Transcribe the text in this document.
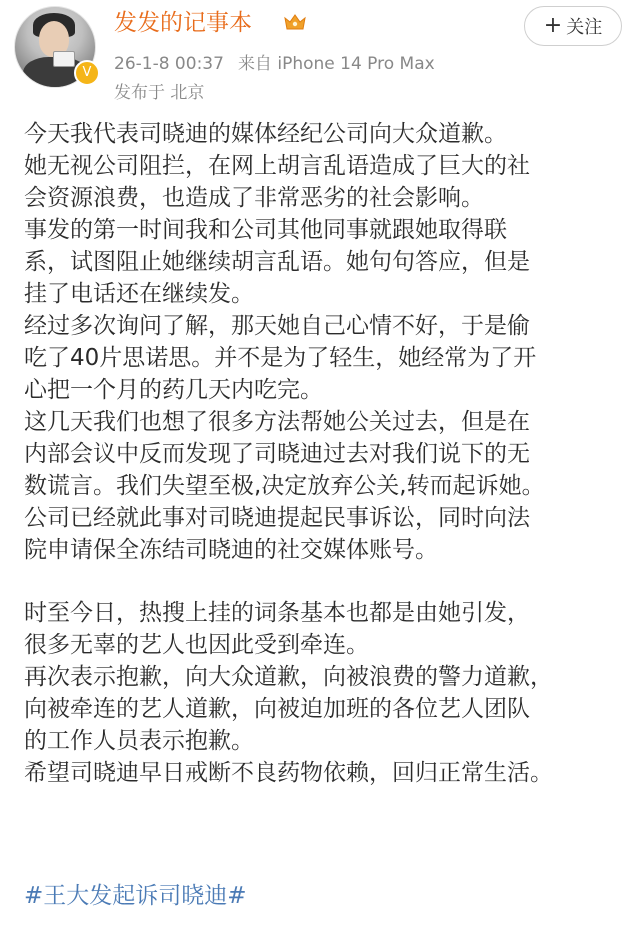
V
发发的记事本
26-1-8 00:37 来自 iPhone 14 Pro Max
发布于 北京
+ 关注

今天我代表司晓迪的媒体经纪公司向大众道歉。

她无视公司阻拦，在网上胡言乱语造成了巨大的社

会资源浪费，也造成了非常恶劣的社会影响。

事发的第一时间我和公司其他同事就跟她取得联

系，试图阻止她继续胡言乱语。她句句答应，但是

挂了电话还在继续发。

经过多次询问了解，那天她自己心情不好，于是偷

吃了40片思诺思。并不是为了轻生，她经常为了开

心把一个月的药几天内吃完。

这几天我们也想了很多方法帮她公关过去，但是在

内部会议中反而发现了司晓迪过去对我们说下的无

数谎言。我们失望至极,决定放弃公关,转而起诉她。

公司已经就此事对司晓迪提起民事诉讼，同时向法

院申请保全冻结司晓迪的社交媒体账号。

时至今日，热搜上挂的词条基本也都是由她引发，

很多无辜的艺人也因此受到牵连。

再次表示抱歉，向大众道歉，向被浪费的警力道歉，

向被牵连的艺人道歉，向被迫加班的各位艺人团队

的工作人员表示抱歉。

希望司晓迪早日戒断不良药物依赖，回归正常生活。

#王大发起诉司晓迪#
